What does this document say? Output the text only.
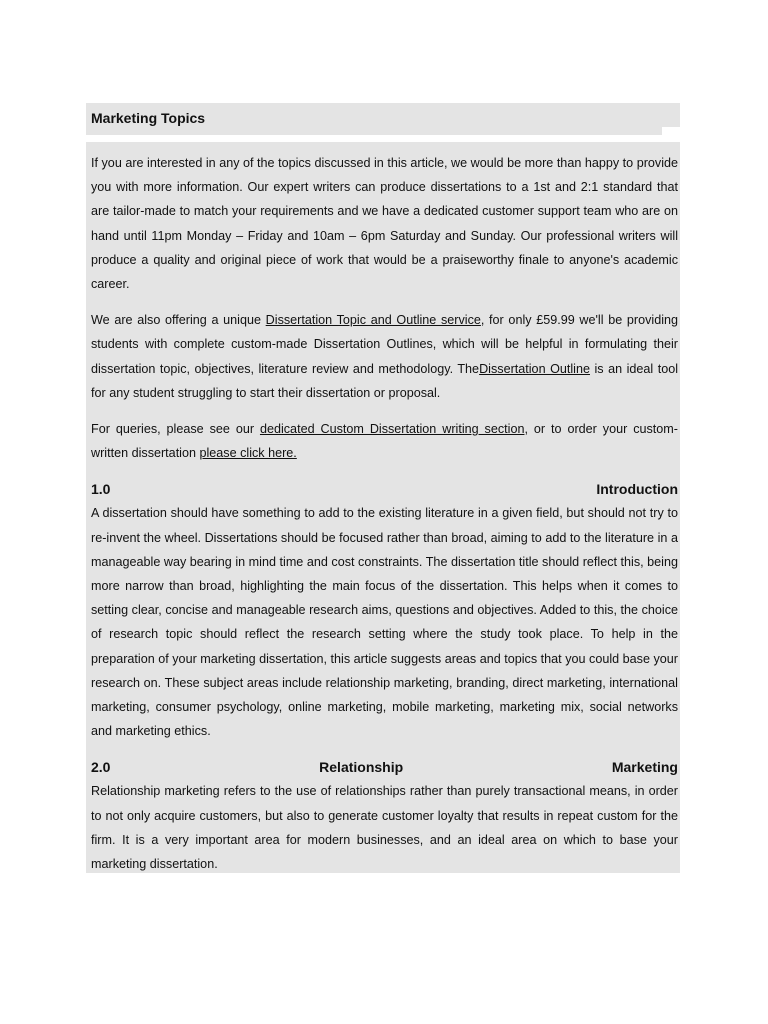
Marketing Topics

If you are interested in any of the topics discussed in this article, we would be more than happy to provide you with more information. Our expert writers can produce dissertations to a 1st and 2:1 standard that are tailor-made to match your requirements and we have a dedicated customer support team who are on hand until 11pm Monday – Friday and 10am – 6pm Saturday and Sunday. Our professional writers will produce a quality and original piece of work that would be a praiseworthy finale to anyone's academic career.

We are also offering a unique Dissertation Topic and Outline service, for only £59.99 we'll be providing students with complete custom-made Dissertation Outlines, which will be helpful in formulating their dissertation topic, objectives, literature review and methodology. TheDissertation Outline is an ideal tool for any student struggling to start their dissertation or proposal.

For queries, please see our dedicated Custom Dissertation writing section, or to order your custom-written dissertation please click here.

1.0	Introduction

A dissertation should have something to add to the existing literature in a given field, but should not try to re-invent the wheel. Dissertations should be focused rather than broad, aiming to add to the literature in a manageable way bearing in mind time and cost constraints. The dissertation title should reflect this, being more narrow than broad, highlighting the main focus of the dissertation. This helps when it comes to setting clear, concise and manageable research aims, questions and objectives. Added to this, the choice of research topic should reflect the research setting where the study took place. To help in the preparation of your marketing dissertation, this article suggests areas and topics that you could base your research on. These subject areas include relationship marketing, branding, direct marketing, international marketing, consumer psychology, online marketing, mobile marketing, marketing mix, social networks and marketing ethics.

2.0	Relationship	Marketing

Relationship marketing refers to the use of relationships rather than purely transactional means, in order to not only acquire customers, but also to generate customer loyalty that results in repeat custom for the firm. It is a very important area for modern businesses, and an ideal area on which to base your marketing dissertation.
